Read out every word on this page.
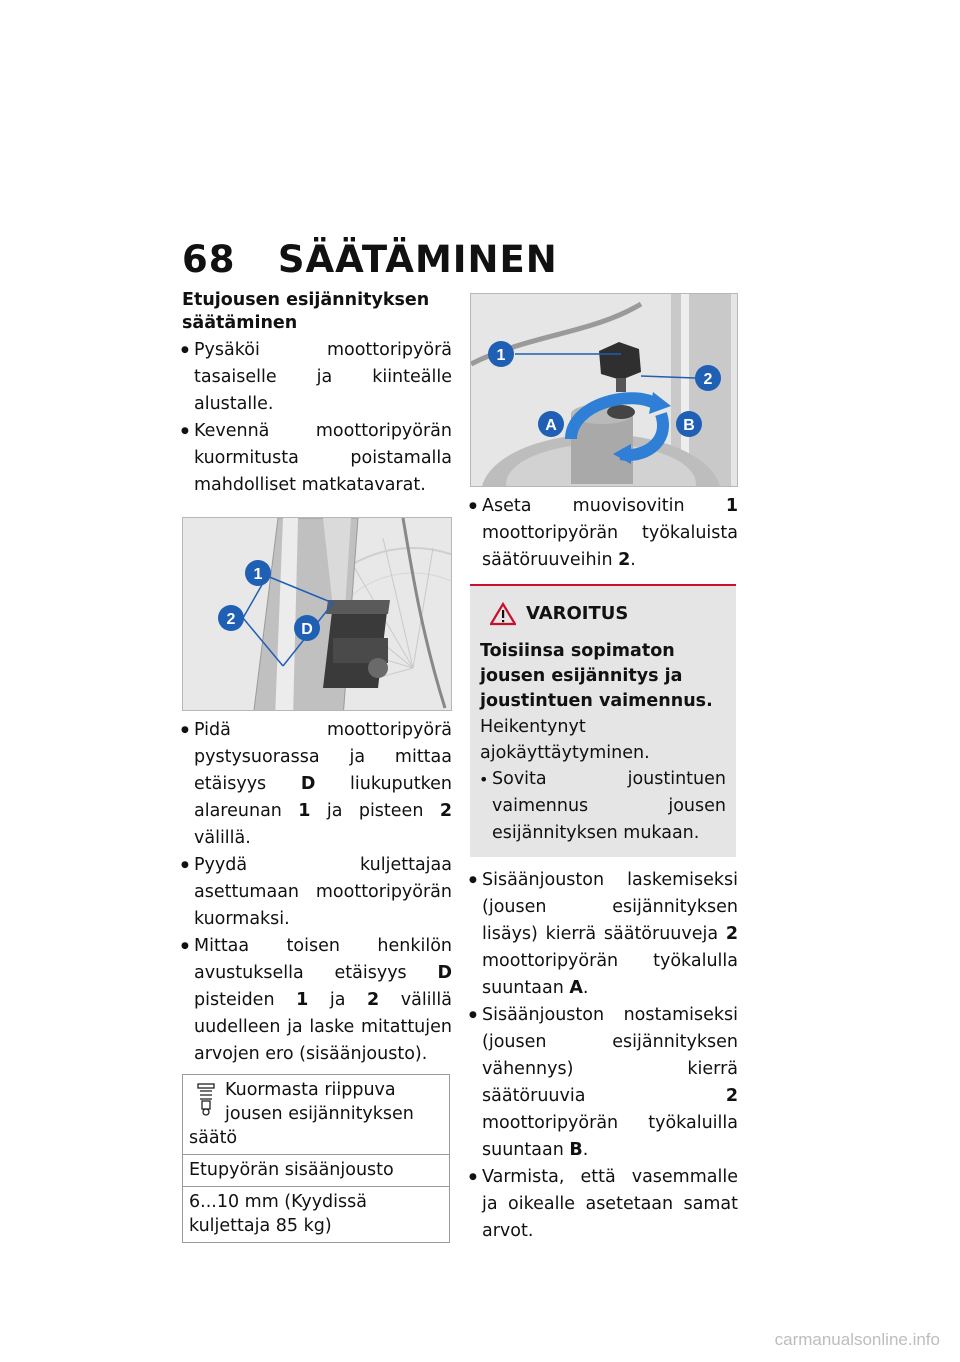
68 SÄÄTÄMINEN
Etujousen esijännityksen säätäminen
● Pysäköi moottoripyörä tasaiselle ja kiinteälle alustalle.
● Kevennä moottoripyörän kuormitusta poistamalla mahdolliset matkatavarat.
1
2
D
● Pidä moottoripyörä pystysuorassa ja mittaa etäisyys D liukuputken alareunan 1 ja pisteen 2 välillä.
● Pyydä kuljettajaa asettumaan moottoripyörän kuormaksi.
● Mittaa toisen henkilön avustuksella etäisyys D pisteiden 1 ja 2 välillä uudelleen ja laske mitattujen arvojen ero (sisäänjousto).
Kuormasta riippuva jousen esijännityksen säätö
Etupyörän sisäänjousto
6...10 mm (Kyydissä kuljettaja 85 kg)
1
2
A	B
● Aseta muovisovitin 1 moottoripyörän työkaluista säätöruuveihin 2.
VAROITUS
Toisiinsa sopimaton jousen esijännitys ja joustintuen vaimennus.
Heikentynyt ajokäyttäytyminen.
• Sovita joustintuen vaimennus jousen esijännityksen mukaan.
● Sisäänjouston laskemiseksi (jousen esijännityksen lisäys) kierrä säätöruuveja 2 moottoripyörän työkalulla suuntaan A.
● Sisäänjouston nostamiseksi (jousen esijännityksen vähennys) kierrä säätöruuvia 2 moottoripyörän työkaluilla suuntaan B.
● Varmista, että vasemmalle ja oikealle asetetaan samat arvot.
carmanualsonline.info
